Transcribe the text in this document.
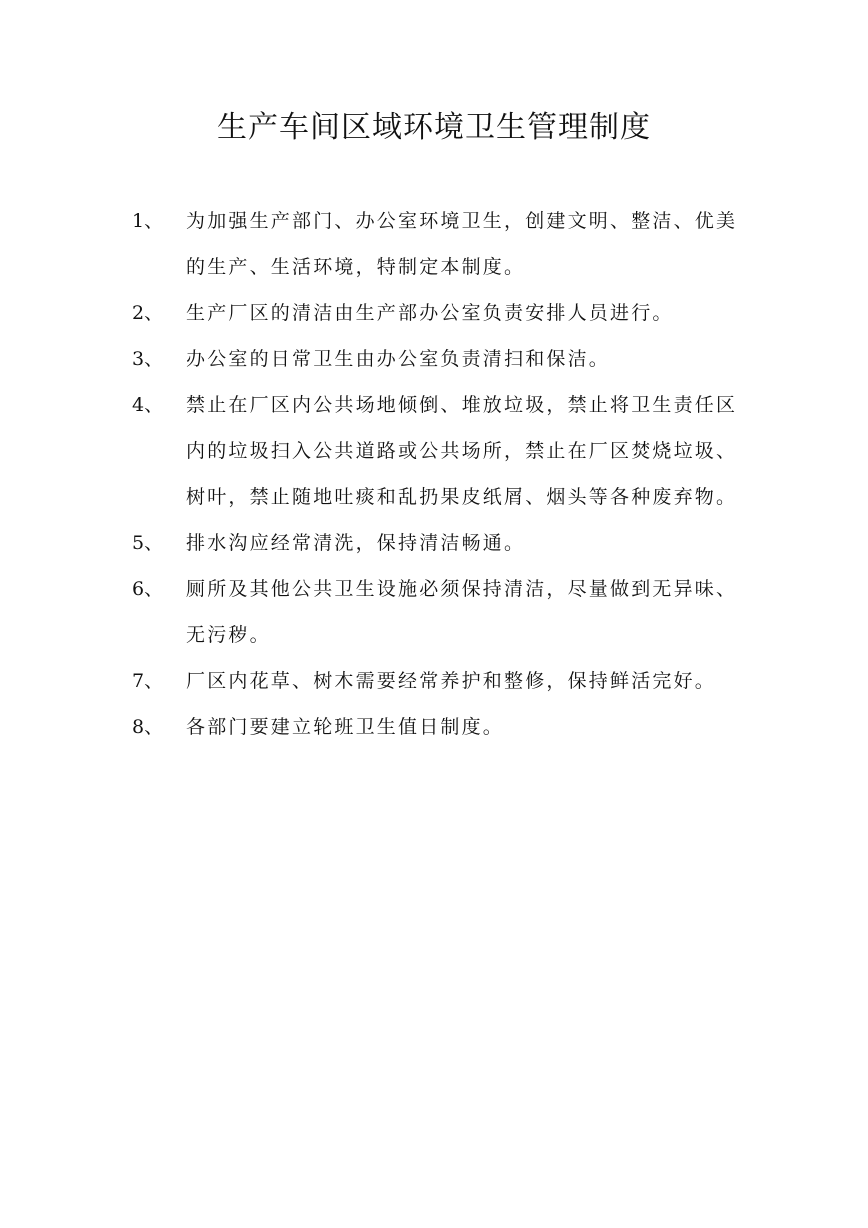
生产车间区域环境卫生管理制度
1、	为加强生产部门、办公室环境卫生，创建文明、整洁、优美的生产、生活环境，特制定本制度。
2、	生产厂区的清洁由生产部办公室负责安排人员进行。
3、	办公室的日常卫生由办公室负责清扫和保洁。
4、	禁止在厂区内公共场地倾倒、堆放垃圾，禁止将卫生责任区内的垃圾扫入公共道路或公共场所，禁止在厂区焚烧垃圾、树叶，禁止随地吐痰和乱扔果皮纸屑、烟头等各种废弃物。
5、	排水沟应经常清洗，保持清洁畅通。
6、	厕所及其他公共卫生设施必须保持清洁，尽量做到无异味、无污秽。
7、	厂区内花草、树木需要经常养护和整修，保持鲜活完好。
8、	各部门要建立轮班卫生值日制度。
